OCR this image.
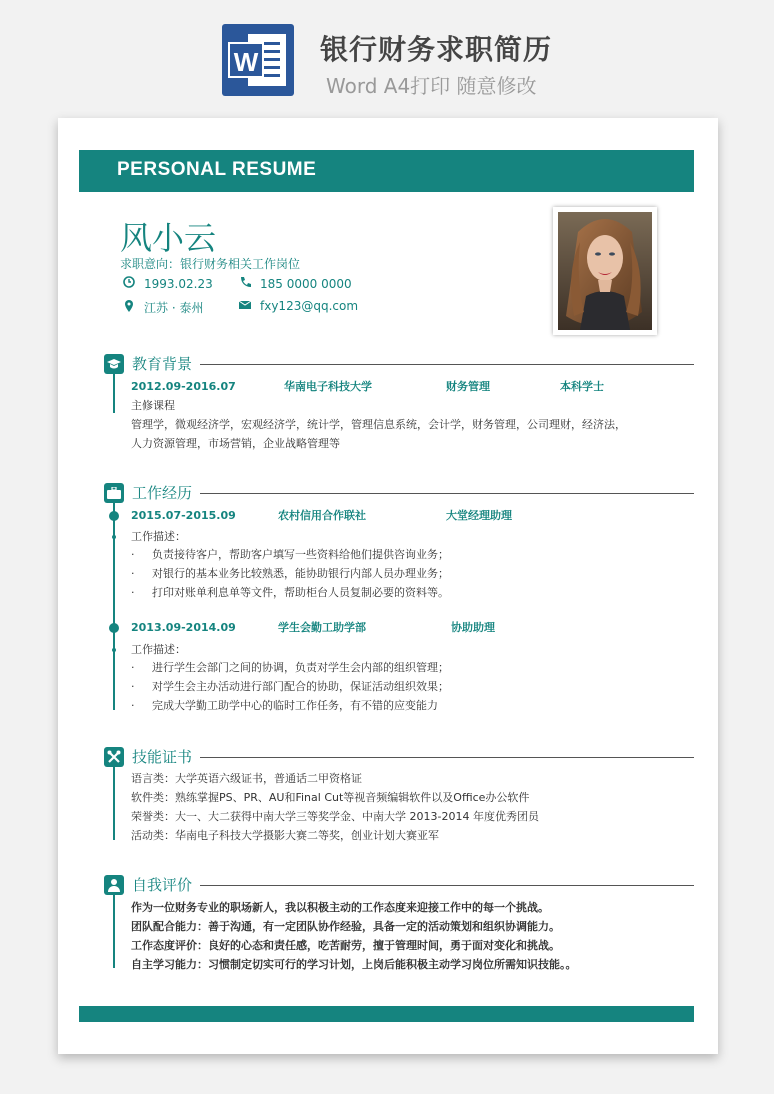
W 银行财务求职简历
Word A4打印 随意修改
PERSONAL RESUME
风小云
求职意向：银行财务相关工作岗位
1993.02.23	185 0000 0000
江苏 · 泰州	fxy123@qq.com
教育背景
2012.09-2016.07	华南电子科技大学	财务管理	本科学士
主修课程
管理学，微观经济学，宏观经济学，统计学，管理信息系统，会计学，财务管理，公司理财，经济法，
人力资源管理，市场营销，企业战略管理等
工作经历
2015.07-2015.09	农村信用合作联社	大堂经理助理
工作描述：
·     负责接待客户，帮助客户填写一些资料给他们提供咨询业务；
·     对银行的基本业务比较熟悉，能协助银行内部人员办理业务；
·     打印对账单利息单等文件，帮助柜台人员复制必要的资料等。
2013.09-2014.09	学生会勤工助学部	协助助理
工作描述：
·     进行学生会部门之间的协调，负责对学生会内部的组织管理；
·     对学生会主办活动进行部门配合的协助，保证活动组织效果；
·     完成大学勤工助学中心的临时工作任务，有不错的应变能力
技能证书
语言类：大学英语六级证书，普通话二甲资格证
软件类：熟练掌握PS、PR、AU和Final Cut等视音频编辑软件以及Office办公软件
荣誉类：大一、大二获得中南大学三等奖学金、中南大学 2013-2014 年度优秀团员
活动类：华南电子科技大学摄影大赛二等奖，创业计划大赛亚军
自我评价
作为一位财务专业的职场新人，我以积极主动的工作态度来迎接工作中的每一个挑战。
团队配合能力：善于沟通，有一定团队协作经验，具备一定的活动策划和组织协调能力。
工作态度评价：良好的心态和责任感，吃苦耐劳，擅于管理时间，勇于面对变化和挑战。
自主学习能力：习惯制定切实可行的学习计划，上岗后能积极主动学习岗位所需知识技能。。
